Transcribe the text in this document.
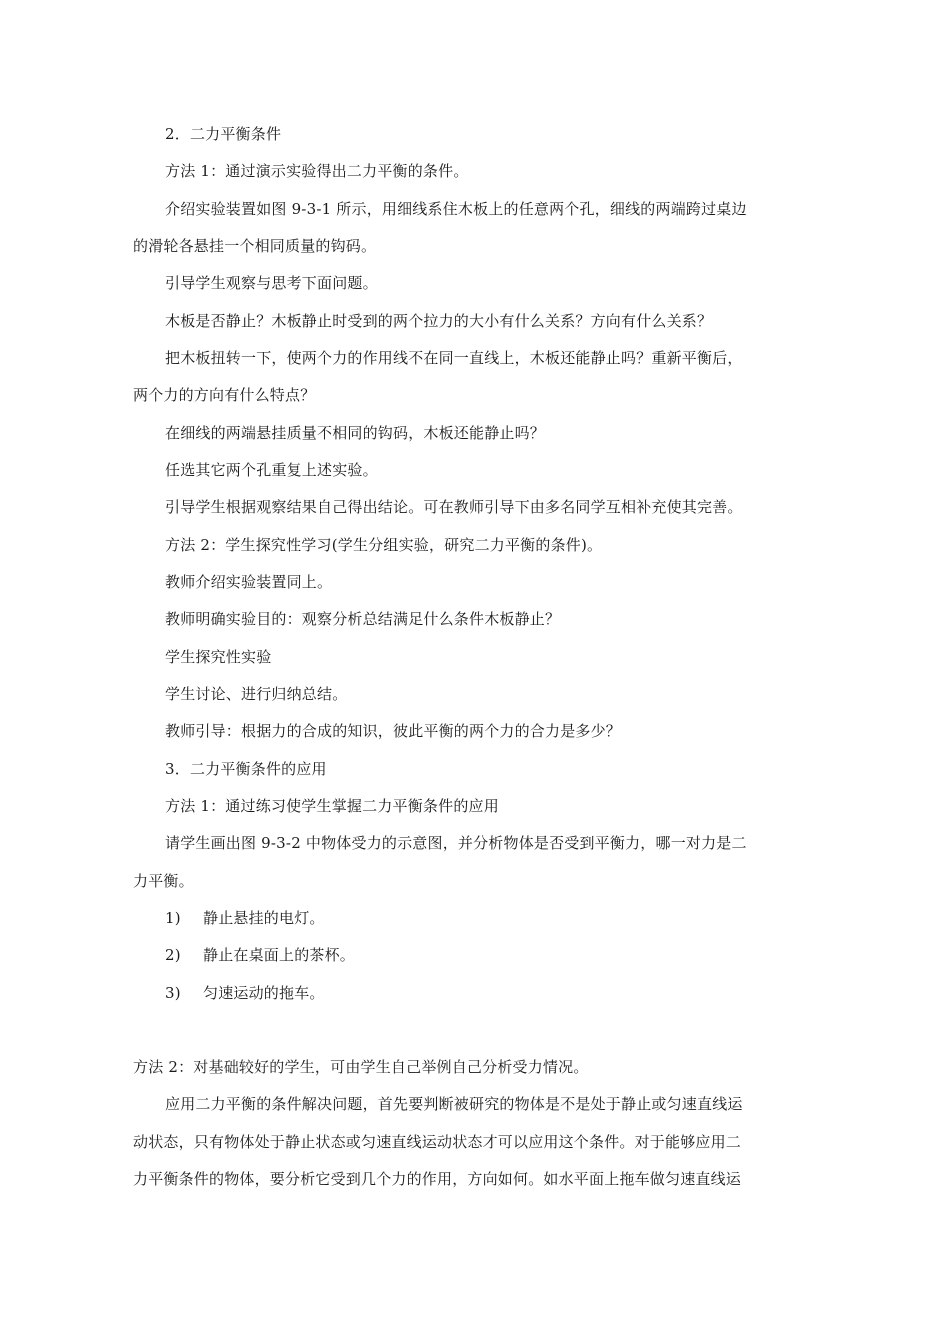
2．二力平衡条件
方法 1：通过演示实验得出二力平衡的条件。
介绍实验装置如图 9-3-1 所示，用细线系住木板上的任意两个孔，细线的两端跨过桌边
的滑轮各悬挂一个相同质量的钩码。
引导学生观察与思考下面问题。
木板是否静止？木板静止时受到的两个拉力的大小有什么关系？方向有什么关系？
把木板扭转一下，使两个力的作用线不在同一直线上，木板还能静止吗？重新平衡后，
两个力的方向有什么特点？
在细线的两端悬挂质量不相同的钩码，木板还能静止吗？
任选其它两个孔重复上述实验。
引导学生根据观察结果自己得出结论。可在教师引导下由多名同学互相补充使其完善。
方法 2：学生探究性学习(学生分组实验，研究二力平衡的条件)。
教师介绍实验装置同上。
教师明确实验目的：观察分析总结满足什么条件木板静止？
学生探究性实验
学生讨论、进行归纳总结。
教师引导：根据力的合成的知识，彼此平衡的两个力的合力是多少？
3．二力平衡条件的应用
方法 1：通过练习使学生掌握二力平衡条件的应用
请学生画出图 9-3-2 中物体受力的示意图，并分析物体是否受到平衡力，哪一对力是二
力平衡。
1) 静止悬挂的电灯。
2) 静止在桌面上的茶杯。
3) 匀速运动的拖车。
方法 2：对基础较好的学生，可由学生自己举例自己分析受力情况。
应用二力平衡的条件解决问题，首先要判断被研究的物体是不是处于静止或匀速直线运
动状态，只有物体处于静止状态或匀速直线运动状态才可以应用这个条件。对于能够应用二
力平衡条件的物体，要分析它受到几个力的作用，方向如何。如水平面上拖车做匀速直线运
